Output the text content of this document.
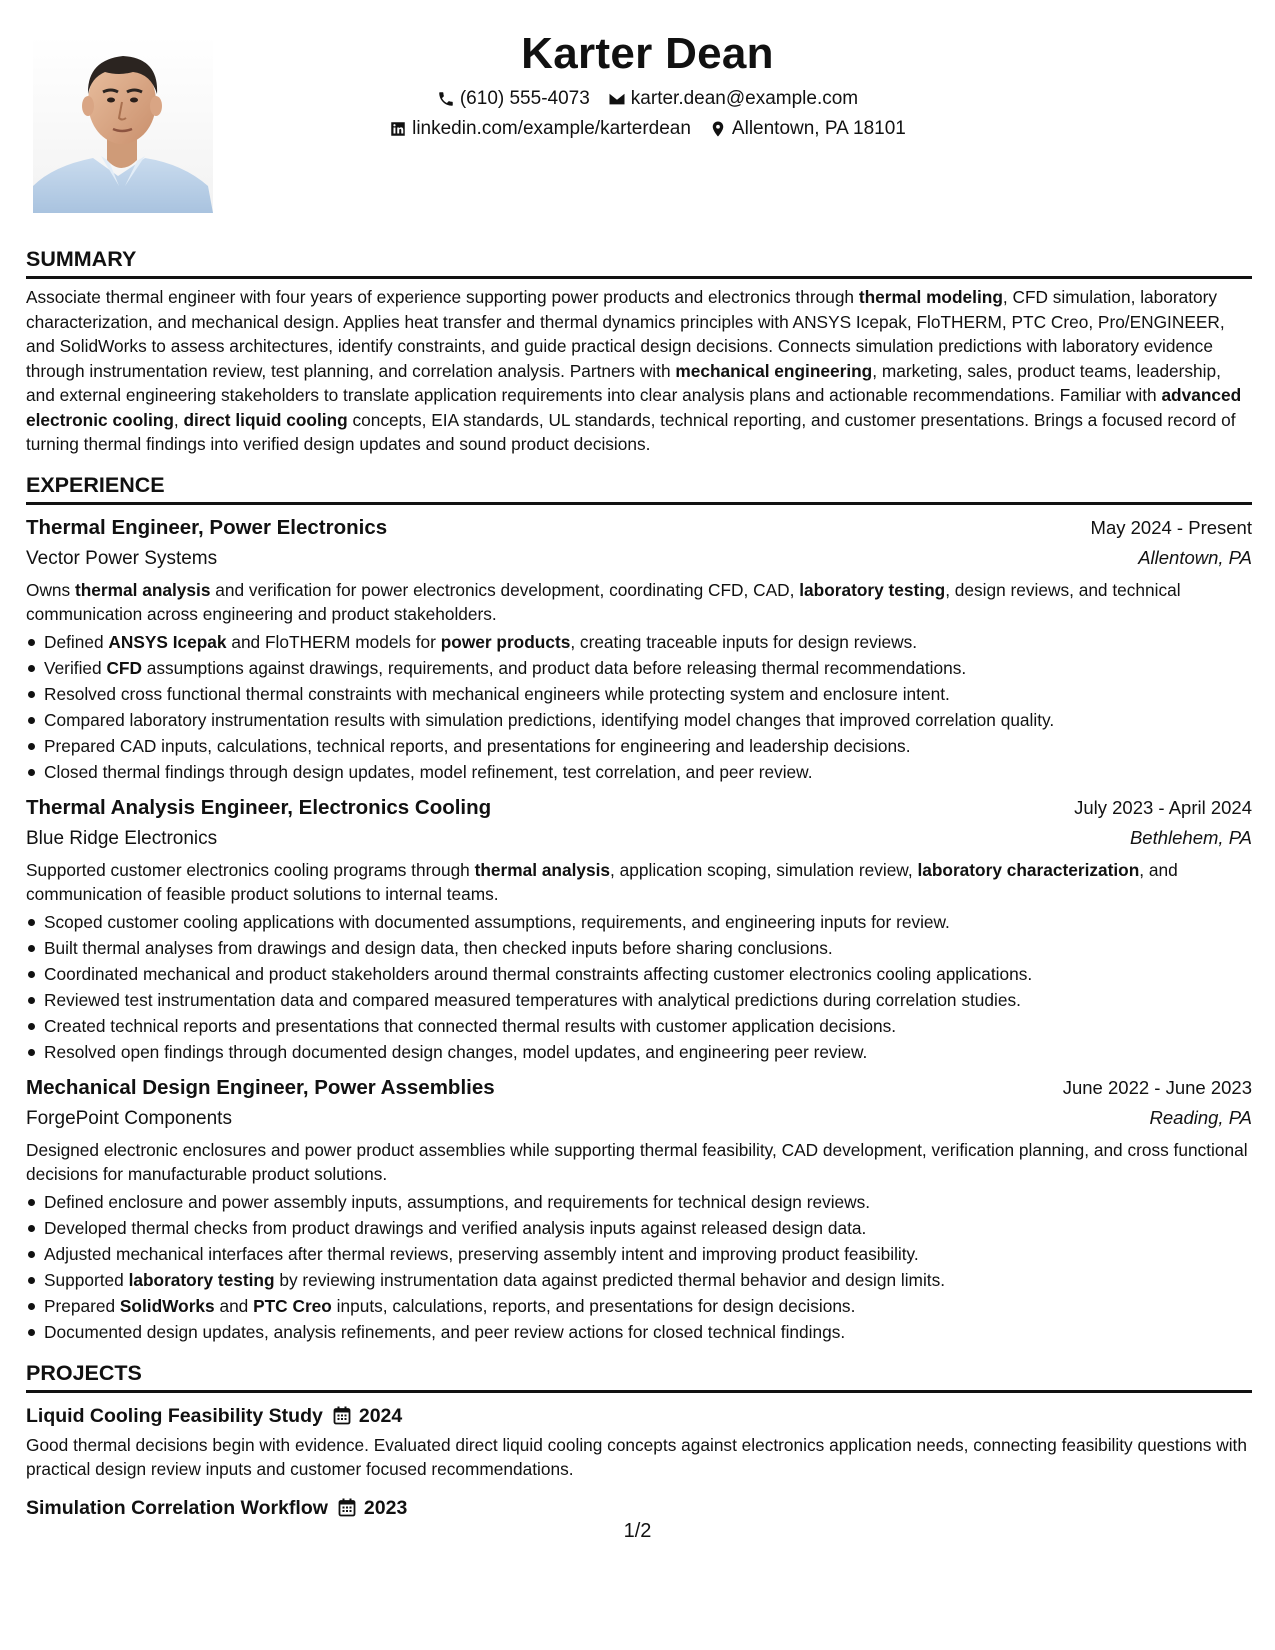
Karter Dean
(610) 555-4073 karter.dean@example.com
linkedin.com/example/karterdean Allentown, PA 18101
SUMMARY

Associate thermal engineer with four years of experience supporting power products and electronics through thermal modeling, CFD simulation, laboratory characterization, and mechanical design. Applies heat transfer and thermal dynamics principles with ANSYS Icepak, FloTHERM, PTC Creo, Pro/ENGINEER, and SolidWorks to assess architectures, identify constraints, and guide practical design decisions. Connects simulation predictions with laboratory evidence through instrumentation review, test planning, and correlation analysis. Partners with mechanical engineering, marketing, sales, product teams, leadership, and external engineering stakeholders to translate application requirements into clear analysis plans and actionable recommendations. Familiar with advanced electronic cooling, direct liquid cooling concepts, EIA standards, UL standards, technical reporting, and customer presentations. Brings a focused record of turning thermal findings into verified design updates and sound product decisions.

EXPERIENCE
Thermal Engineer, Power Electronics	May 2024 - Present
Vector Power Systems	Allentown, PA

Owns thermal analysis and verification for power electronics development, coordinating CFD, CAD, laboratory testing, design reviews, and technical communication across engineering and product stakeholders.

Defined ANSYS Icepak and FloTHERM models for power products, creating traceable inputs for design reviews.
Verified CFD assumptions against drawings, requirements, and product data before releasing thermal recommendations.
Resolved cross functional thermal constraints with mechanical engineers while protecting system and enclosure intent.
Compared laboratory instrumentation results with simulation predictions, identifying model changes that improved correlation quality.
Prepared CAD inputs, calculations, technical reports, and presentations for engineering and leadership decisions.
Closed thermal findings through design updates, model refinement, test correlation, and peer review.
Thermal Analysis Engineer, Electronics Cooling	July 2023 - April 2024
Blue Ridge Electronics	Bethlehem, PA

Supported customer electronics cooling programs through thermal analysis, application scoping, simulation review, laboratory characterization, and communication of feasible product solutions to internal teams.

Scoped customer cooling applications with documented assumptions, requirements, and engineering inputs for review.
Built thermal analyses from drawings and design data, then checked inputs before sharing conclusions.
Coordinated mechanical and product stakeholders around thermal constraints affecting customer electronics cooling applications.
Reviewed test instrumentation data and compared measured temperatures with analytical predictions during correlation studies.
Created technical reports and presentations that connected thermal results with customer application decisions.
Resolved open findings through documented design changes, model updates, and engineering peer review.
Mechanical Design Engineer, Power Assemblies	June 2022 - June 2023
ForgePoint Components	Reading, PA

Designed electronic enclosures and power product assemblies while supporting thermal feasibility, CAD development, verification planning, and cross functional decisions for manufacturable product solutions.

Defined enclosure and power assembly inputs, assumptions, and requirements for technical design reviews.
Developed thermal checks from product drawings and verified analysis inputs against released design data.
Adjusted mechanical interfaces after thermal reviews, preserving assembly intent and improving product feasibility.
Supported laboratory testing by reviewing instrumentation data against predicted thermal behavior and design limits.
Prepared SolidWorks and PTC Creo inputs, calculations, reports, and presentations for design decisions.
Documented design updates, analysis refinements, and peer review actions for closed technical findings.
PROJECTS
Liquid Cooling Feasibility Study 2024

Good thermal decisions begin with evidence. Evaluated direct liquid cooling concepts against electronics application needs, connecting feasibility questions with practical design review inputs and customer focused recommendations.

Simulation Correlation Workflow 2023
1/2
